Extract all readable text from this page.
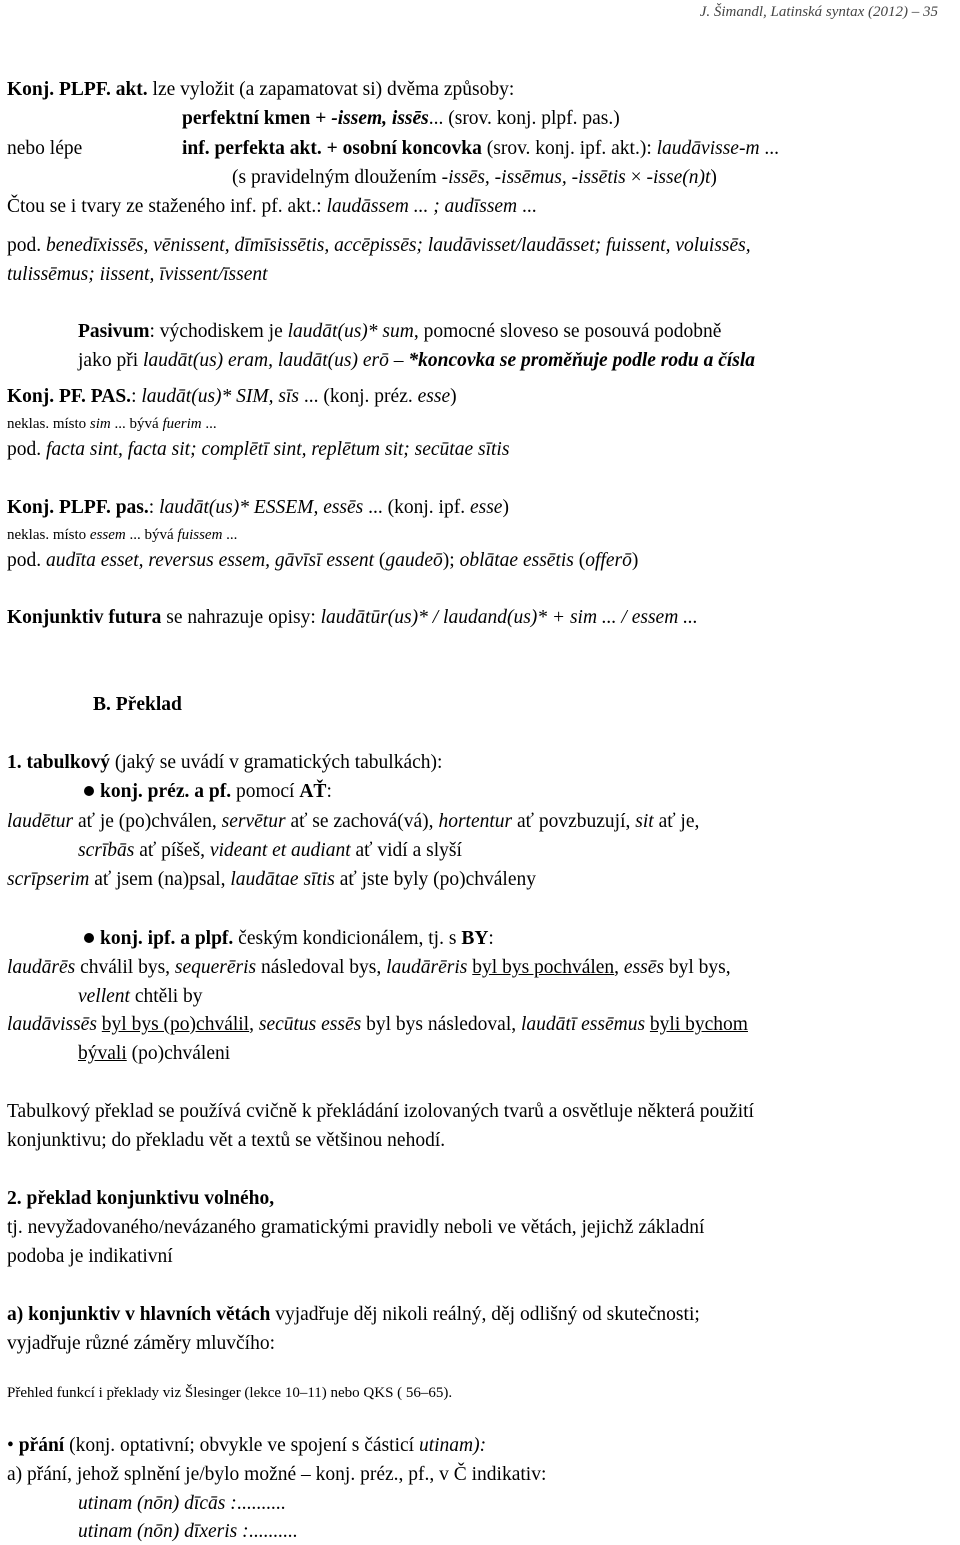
J. Šimandl, Latinská syntax (2012) – 35
Konj. PLPF. akt. lze vyložit (a zapamatovat si) dvěma způsoby:
perfektní kmen + -issem, issēs... (srov. konj. plpf. pas.)
nebo lépe	inf. perfekta akt. + osobní koncovka (srov. konj. ipf. akt.): laudāvisse-m ...
(s pravidelným dloužením -issēs, -issēmus, -issētis × -isse(n)t)
Čtou se i tvary ze staženého inf. pf. akt.: laudāssem ... ; audīssem ...
pod. benedīxissēs, vēnissent, dīmīsissētis, accēpissēs; laudāvisset/laudāsset; fuissent, voluissēs,
tulissēmus; iissent, īvissent/īssent
Pasivum: východiskem je laudāt(us)* sum, pomocné sloveso se posouvá podobně
jako při laudāt(us) eram, laudāt(us) erō – *koncovka se proměňuje podle rodu a čísla
Konj. PF. PAS.: laudāt(us)* SIM, sīs ... (konj. préz. esse)
neklas. místo sim ... bývá fuerim ...
pod. facta sint, facta sit; complētī sint, replētum sit; secūtae sītis
Konj. PLPF. pas.: laudāt(us)* ESSEM, essēs ... (konj. ipf. esse)
neklas. místo essem ... bývá fuissem ...
pod. audīta esset, reversus essem, gāvīsī essent (gaudeō); oblātae essētis (offerō)
Konjunktiv futura se nahrazuje opisy: laudātūr(us)* / laudand(us)* + sim ... / essem ...
B. Překlad
1. tabulkový (jaký se uvádí v gramatických tabulkách):
konj. préz. a pf. pomocí AŤ:
laudētur ať je (po)chválen, servētur ať se zachová(vá), hortentur ať povzbuzují, sit ať je,
scrībās ať píšeš, videant et audiant ať vidí a slyší
scrīpserim ať jsem (na)psal, laudātae sītis ať jste byly (po)chváleny
konj. ipf. a plpf. českým kondicionálem, tj. s BY:
laudārēs chválil bys, sequerēris následoval bys, laudārēris byl bys pochválen, essēs byl bys,
vellent chtěli by
laudāvissēs byl bys (po)chválil, secūtus essēs byl bys následoval, laudātī essēmus byli bychom
bývali (po)chváleni
Tabulkový překlad se používá cvičně k překládání izolovaných tvarů a osvětluje některá použití
konjunktivu; do překladu vět a textů se většinou nehodí.
2. překlad konjunktivu volného,
tj. nevyžadovaného/nevázaného gramatickými pravidly neboli ve větách, jejichž základní
podoba je indikativní
a) konjunktiv v hlavních větách vyjadřuje děj nikoli reálný, děj odlišný od skutečnosti;
vyjadřuje různé záměry mluvčího:
Přehled funkcí i překlady viz Šlesinger (lekce 10–11) nebo QKS ( 56–65).
• přání (konj. optativní; obvykle ve spojení s částicí utinam):
a) přání, jehož splnění je/bylo možné – konj. préz., pf., v Č indikativ:
utinam (nōn) dīcās :..........
utinam (nōn) dīxeris :..........
